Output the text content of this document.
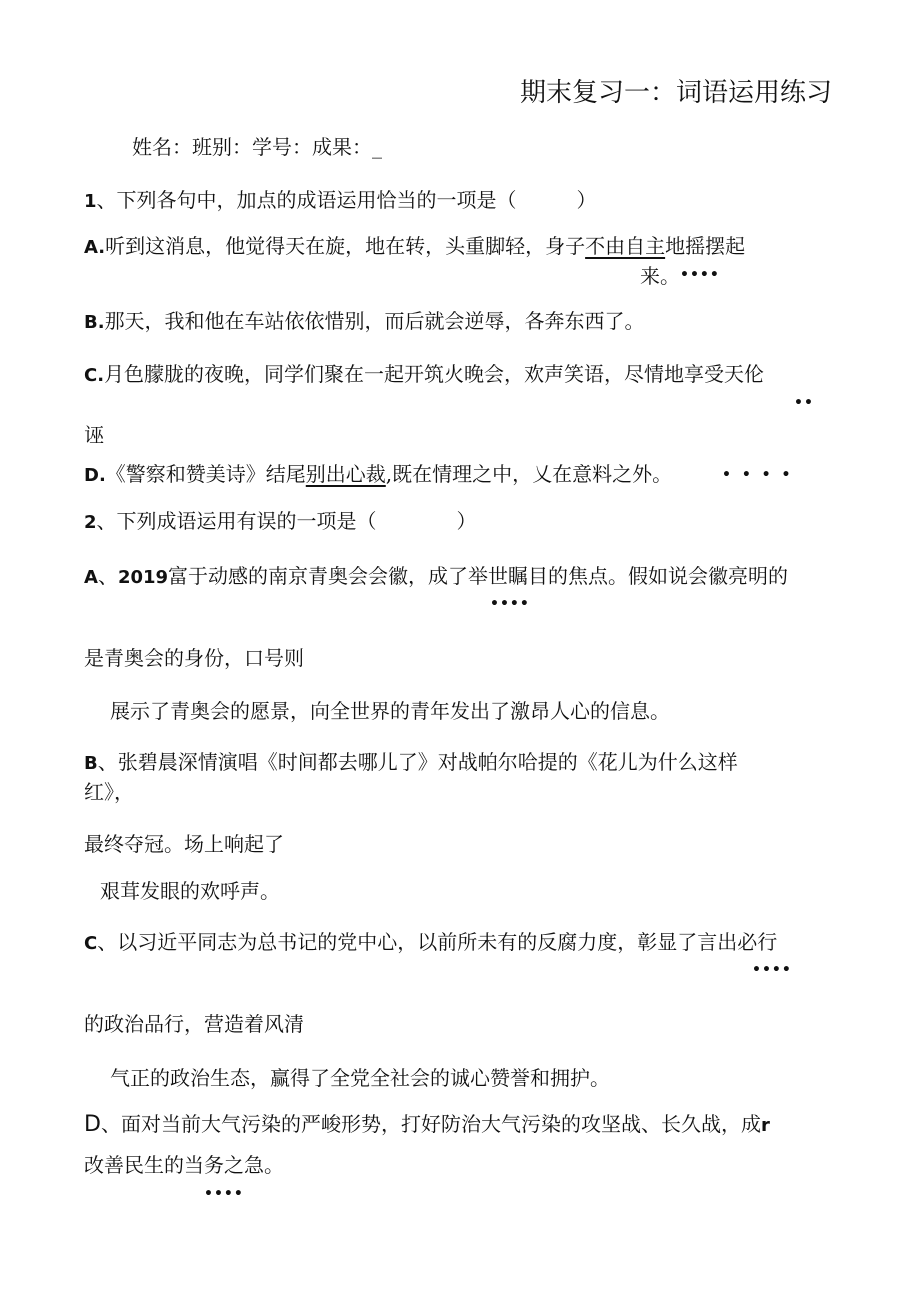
期末复习一：词语运用练习
姓名：班别：学号：成果：_
1、下列各句中，加点的成语运用恰当的一项是（　　　）
A.听到这消息，他觉得天在旋，地在转，头重脚轻，身子不由自主地摇摆起
来。 ••••
B.那天，我和他在车站依依惜别，而后就会逆辱，各奔东西了。
C.月色朦胧的夜晚，同学们聚在一起开筑火晚会，欢声笑语，尽情地享受天伦
••
诬
D.《警察和赞美诗》结尾别出心裁,既在情理之中，乂在意料之外。	• • • •
2、下列成语运用有误的一项是（　　　　）
A、2019富于动感的南京青奥会会徽，成了举世瞩目的焦点。假如说会徽亮明的
••••
是青奥会的身份，口号则
展示了青奥会的愿景，向全世界的青年发出了激昂人心的信息。
B、张碧晨深情演唱《时间都去哪儿了》对战帕尔哈提的《花儿为什么这样
红》，
最终夺冠。场上响起了
艰茸发眼的欢呼声。
C、以习近平同志为总书记的党中心，以前所未有的反腐力度，彰显了言出必行
••••
的政治品行，营造着风清
气正的政治生态，赢得了全党全社会的诚心赞誉和拥护。
D、面对当前大气污染的严峻形势，打好防治大气污染的攻坚战、长久战，成r
改善民生的当务之急。
••••
